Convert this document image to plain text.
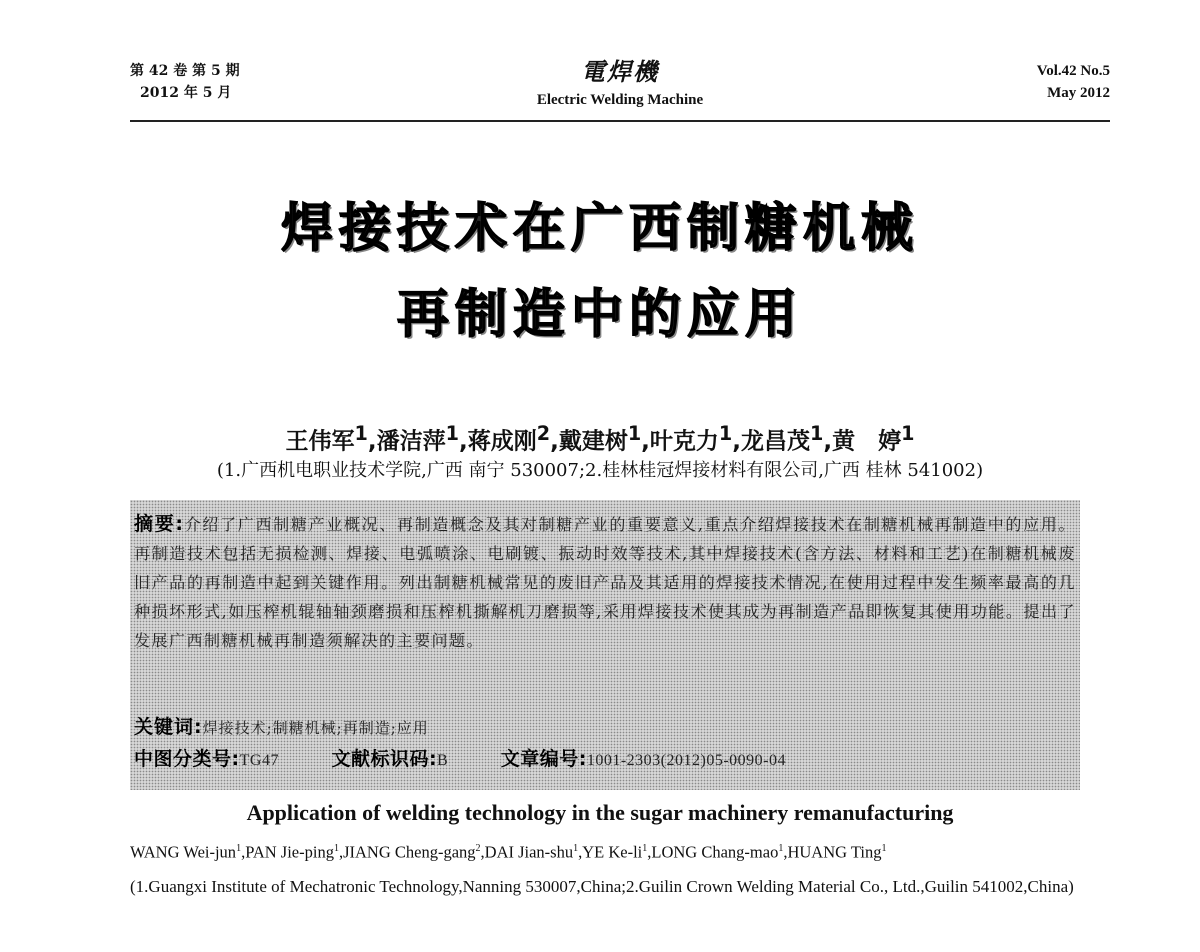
第 42 卷 第 5 期
2012 年 5 月
電焊機
Electric Welding Machine
Vol.42 No.5
May 2012
焊接技术在广西制糖机械
再制造中的应用
王伟军$^1$,潘洁萍$^1$,蒋成刚$^2$,戴建树$^1$,叶克力$^1$,龙昌茂$^1$,黄　婷$^1$
(1.广西机电职业技术学院,广西 南宁 530007;2.桂林桂冠焊接材料有限公司,广西 桂林 541002)
摘要:介绍了广西制糖产业概况、再制造概念及其对制糖产业的重要意义,重点介绍焊接技术在制糖机械再制造中的应用。再制造技术包括无损检测、焊接、电弧喷涂、电刷镀、振动时效等技术,其中焊接技术(含方法、材料和工艺)在制糖机械废旧产品的再制造中起到关键作用。列出制糖机械常见的废旧产品及其适用的焊接技术情况,在使用过程中发生频率最高的几种损坏形式,如压榨机辊轴轴颈磨损和压榨机撕解机刀磨损等,采用焊接技术使其成为再制造产品即恢复其使用功能。提出了发展广西制糖机械再制造须解决的主要问题。
关键词:焊接技术;制糖机械;再制造;应用
中图分类号:TG47	文献标识码:B	文章编号:1001-2303(2012)05-0090-04
Application of welding technology in the sugar machinery remanufacturing
WANG Wei-jun$^1$,PAN Jie-ping$^1$,JIANG Cheng-gang$^2$,DAI Jian-shu$^1$,YE $Ke-li^1,LONG$ Chang-mao$^1$,HUANG Ting$^1$
(1.Guangxi Institute of Mechatronic Technology,Nanning 530007,China;2.Guilin Crown Welding Material Co., Ltd.,Guilin 541002,China)
